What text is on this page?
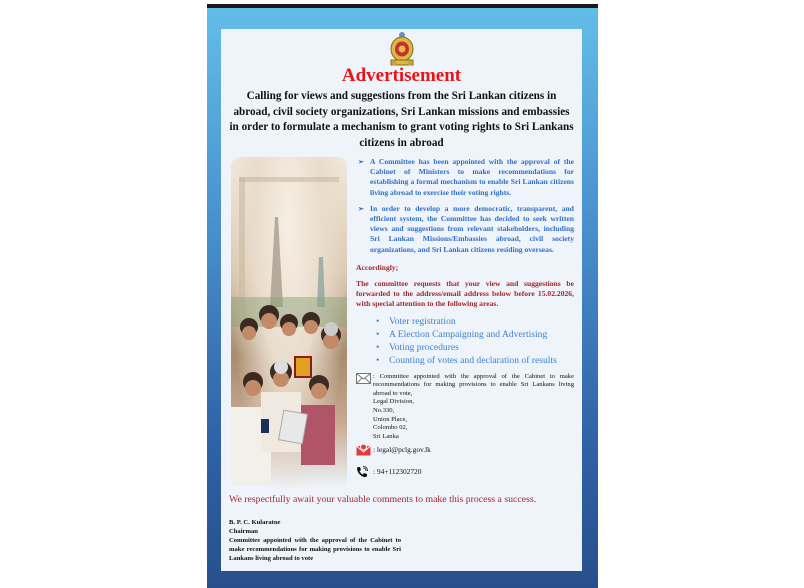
Advertisement
Calling for views and suggestions from the Sri Lankan citizens in abroad, civil society organizations, Sri Lankan missions and embassies in order to formulate a mechanism to grant voting rights to Sri Lankans citizens in abroad
➢ A Committee has been appointed with the approval of the Cabinet of Ministers to make recommendations for establishing a formal mechanism to enable Sri Lankan citizens living abroad to exercise their voting rights.
➢ In order to develop a more democratic, transparent, and efficient system, the Committee has decided to seek written views and suggestions from relevant stakeholders, including Sri Lankan Missions/Embassies abroad, civil society organizations, and Sri Lankan citizens residing overseas.
Accordingly;
The committee requests that your view and suggestions be forwarded to the address/email address below before 15.02.2026, with special attention to the following areas.
• Voter registration
• A Election Campaigning and Advertising
• Voting procedures
• Counting of votes and declaration of results
: Committee appointed with the approval of the Cabinet to make recommendations for making provisions to enable Sri Lankans living abroad to vote,
Legal Division,
No.330,
Union Place,
Colombo 02,
Sri Lanka
: legal@pclg.gov.lk
: 94+112302720
We respectfully await your valuable comments to make this process a success.
B. P. C. Kularatne
Chairman
Committee appointed with the approval of the Cabinet to make recommendations for making provisions to enable Sri Lankans living abroad to vote
